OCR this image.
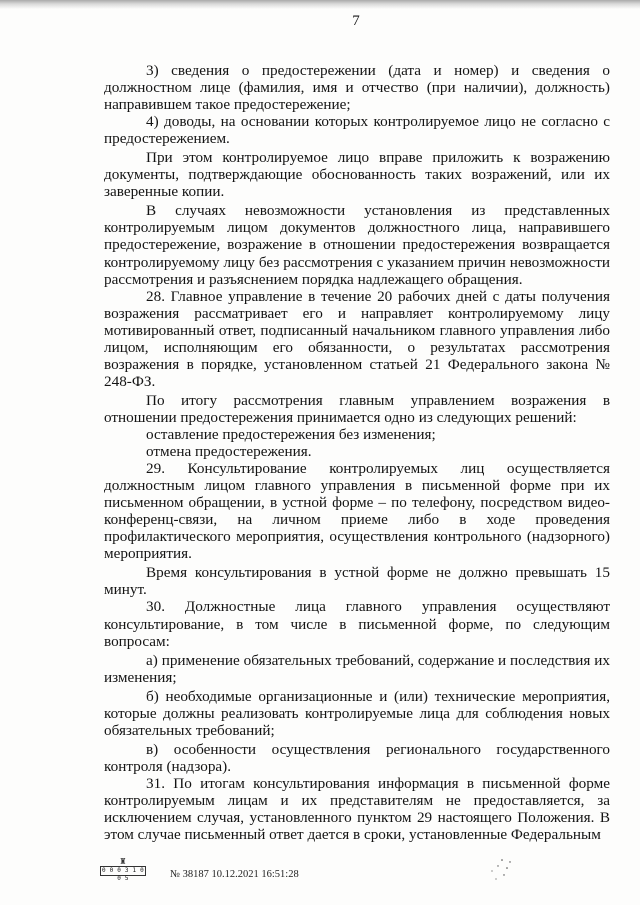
7

3) сведения о предостережении (дата и номер) и сведения о должностном лице (фамилия, имя и отчество (при наличии), должность) направившем такое предостережение;

4) доводы, на основании которых контролируемое лицо не согласно с предостережением.

При этом контролируемое лицо вправе приложить к возражению документы, подтверждающие обоснованность таких возражений, или их заверенные копии.

В случаях невозможности установления из представленных контролируемым лицом документов должностного лица, направившего предостережение, возражение в отношении предостережения возвращается контролируемому лицу без рассмотрения с указанием причин невозможности рассмотрения и разъяснением порядка надлежащего обращения.

28. Главное управление в течение 20 рабочих дней с даты получения возражения рассматривает его и направляет контролируемому лицу мотивированный ответ, подписанный начальником главного управления либо лицом, исполняющим его обязанности, о результатах рассмотрения возражения в порядке, установленном статьей 21 Федерального закона № 248-ФЗ.

По итогу рассмотрения главным управлением возражения в отношении предостережения принимается одно из следующих решений:

оставление предостережения без изменения;

отмена предостережения.

29. Консультирование контролируемых лиц осуществляется должностным лицом главного управления в письменной форме при их письменном обращении, в устной форме – по телефону, посредством видео-конференц-связи, на личном приеме либо в ходе проведения профилактического мероприятия, осуществления контрольного (надзорного) мероприятия.

Время консультирования в устной форме не должно превышать 15 минут.

30. Должностные лица главного управления осуществляют консультирование, в том числе в письменной форме, по следующим вопросам:

а) применение обязательных требований, содержание и последствия их изменения;

б) необходимые организационные и (или) технические мероприятия, которые должны реализовать контролируемые лица для соблюдения новых обязательных требований;

в) особенности осуществления регионального государственного контроля (надзора).

31. По итогам консультирования информация в письменной форме контролируемым лицам и их представителям не предоставляется, за исключением случая, установленного пунктом 29 настоящего Положения. В этом случае письменный ответ дается в сроки, установленные Федеральным

♜
0 0 0 3 1 0 0 5	№ 38187 10.12.2021 16:51:28
